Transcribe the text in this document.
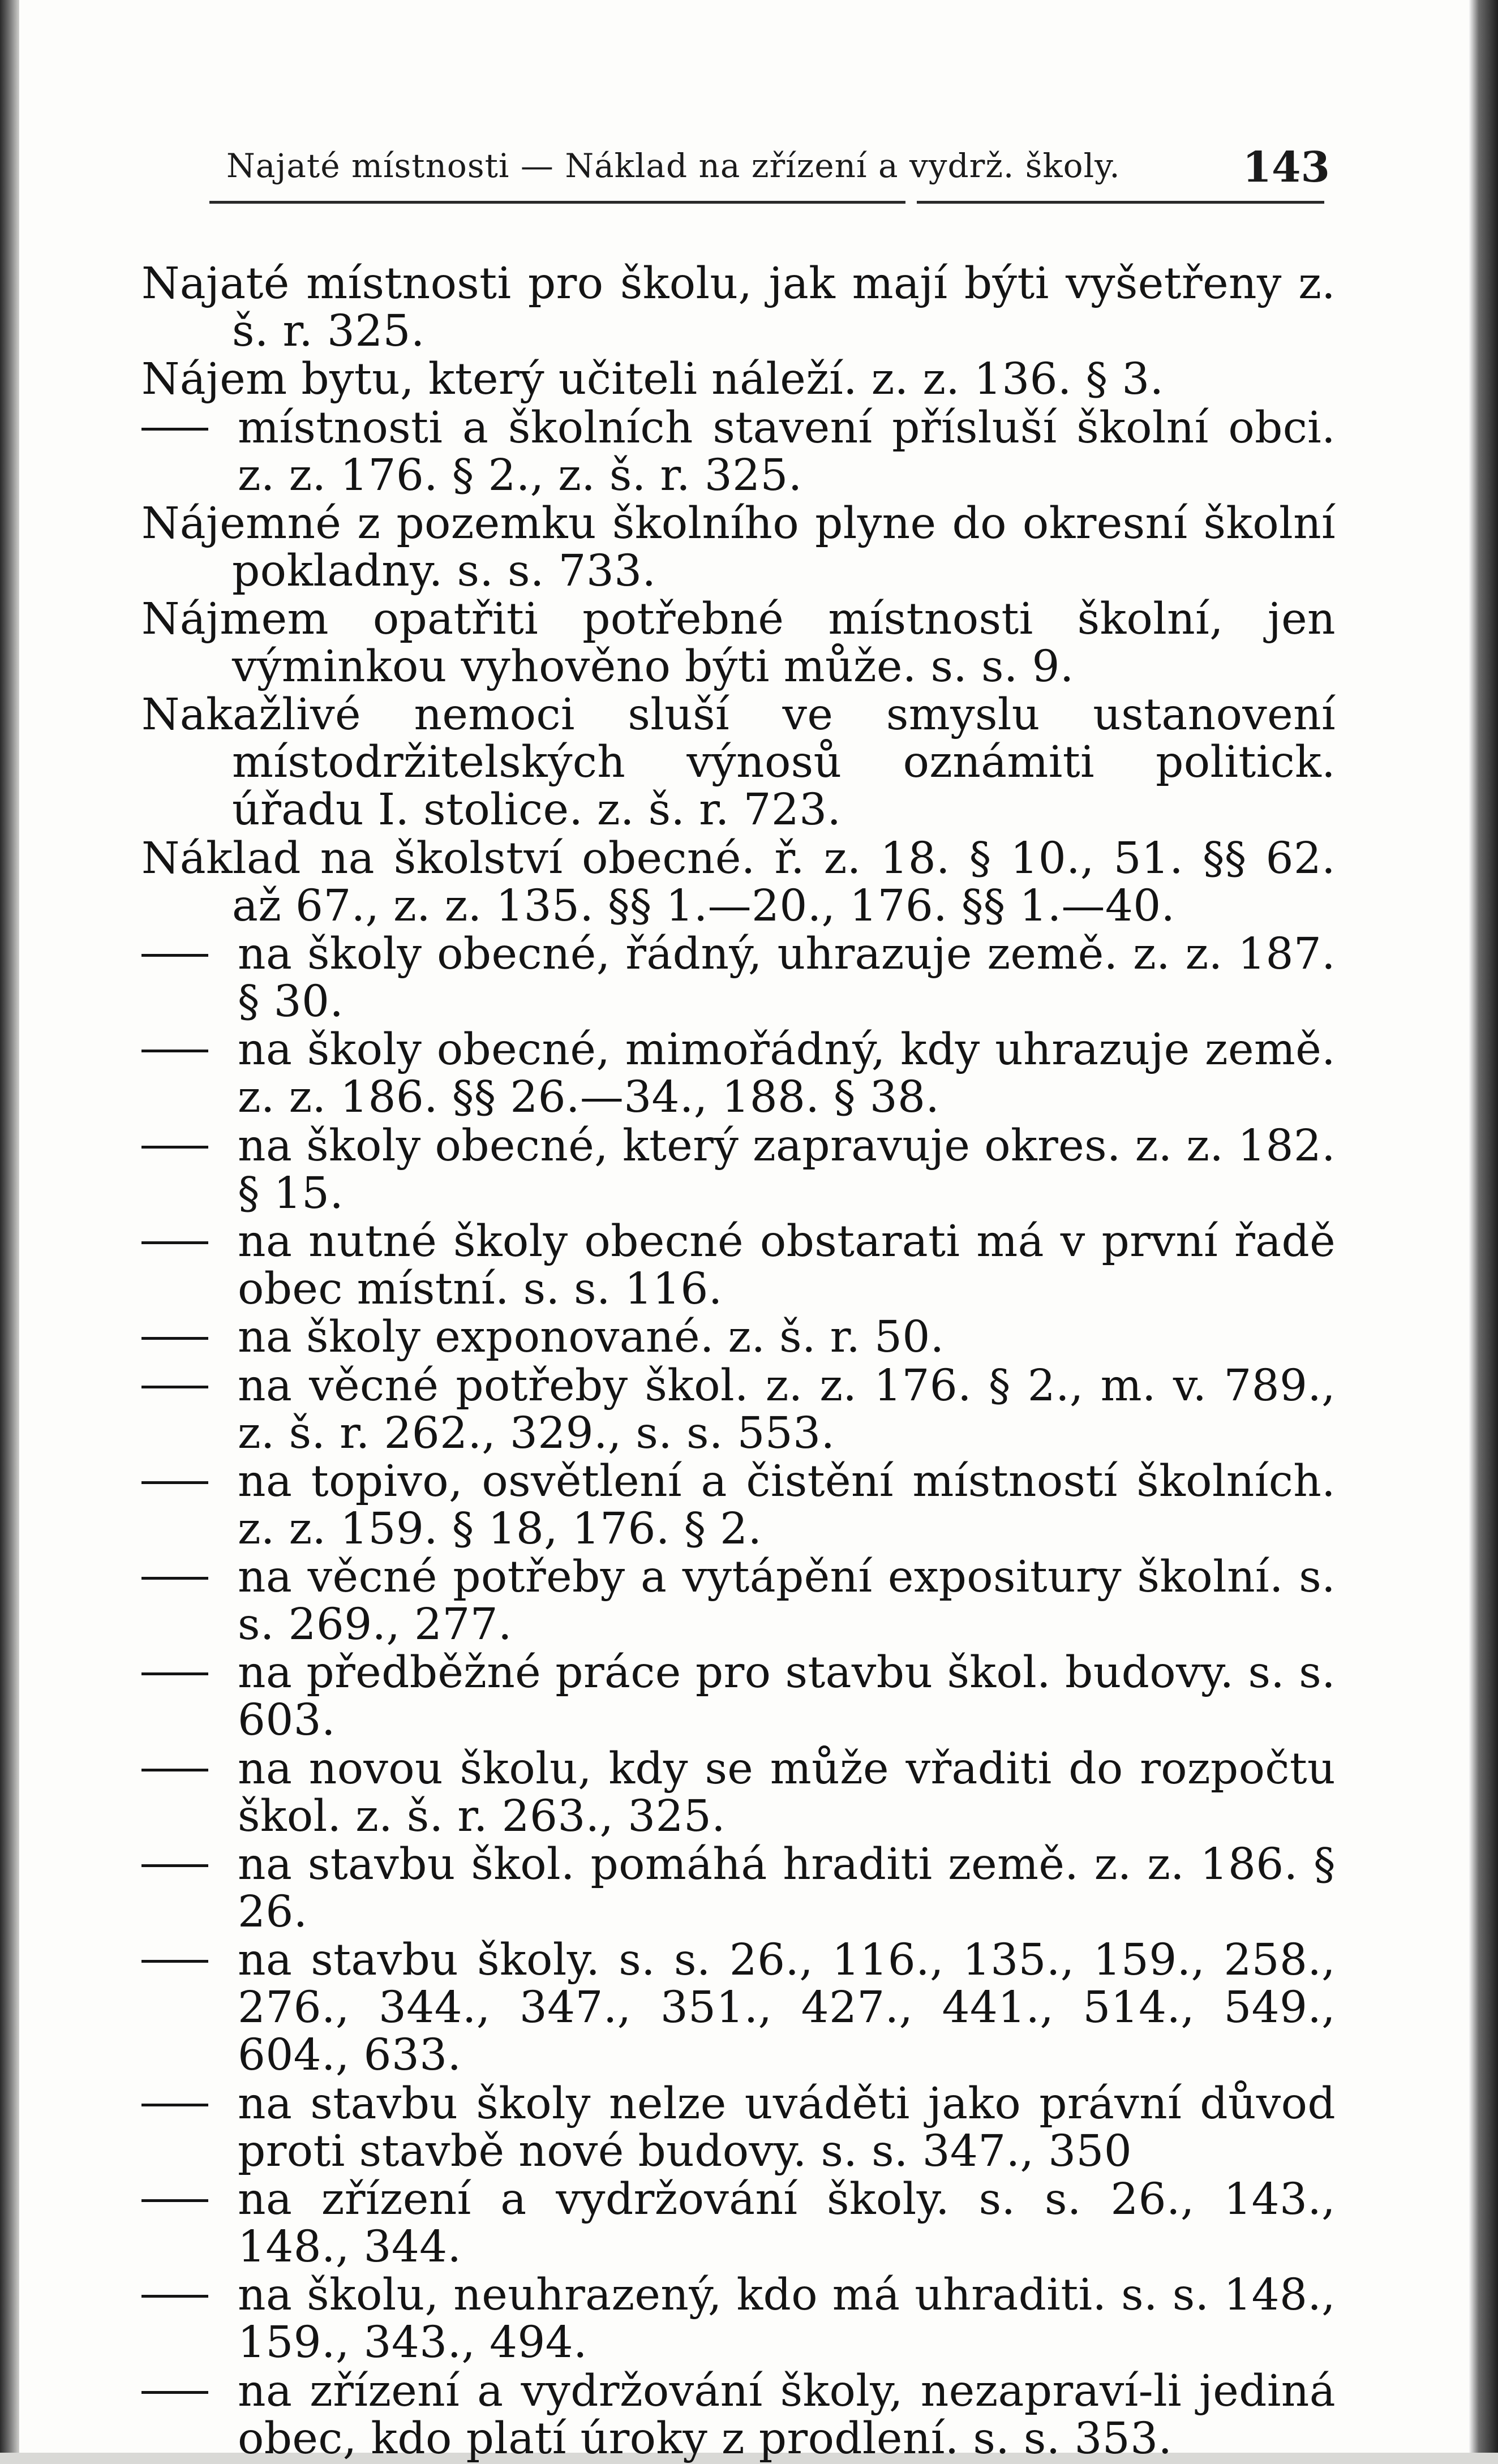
Najaté místnosti — Náklad na zřízení a vydrž. školy.	143
Najaté místnosti pro školu, jak mají býti vyšetřeny z. š. r. 325.
Nájem bytu, který učiteli náleží. z. z. 136. § 3.
místnosti a školních stavení přísluší školní obci. z. z. 176. § 2., z. š. r. 325.
Nájemné z pozemku školního plyne do okresní školní pokladny. s. s. 733.
Nájmem opatřiti potřebné místnosti školní, jen výminkou vyhověno býti může. s. s. 9.
Nakažlivé nemoci sluší ve smyslu ustanovení místodržitelských výnosů oznámiti politick. úřadu I. stolice. z. š. r. 723.
Náklad na školství obecné. ř. z. 18. § 10., 51. §§ 62. až 67., z. z. 135. §§ 1.—20., 176. §§ 1.—40.
na školy obecné, řádný, uhrazuje země. z. z. 187. § 30.
na školy obecné, mimořádný, kdy uhrazuje země. z. z. 186. §§ 26.—34., 188. § 38.
na školy obecné, který zapravuje okres. z. z. 182. § 15.
na nutné školy obecné obstarati má v první řadě obec místní. s. s. 116.
na školy exponované. z. š. r. 50.
na věcné potřeby škol. z. z. 176. § 2., m. v. 789., z. š. r. 262., 329., s. s. 553.
na topivo, osvětlení a čistění místností školních. z. z. 159. § 18, 176. § 2.
na věcné potřeby a vytápění expositury školní. s. s. 269., 277.
na předběžné práce pro stavbu škol. budovy. s. s. 603.
na novou školu, kdy se může vřaditi do rozpočtu škol. z. š. r. 263., 325.
na stavbu škol. pomáhá hraditi země. z. z. 186. § 26.
na stavbu školy. s. s. 26., 116., 135., 159., 258., 276., 344., 347., 351., 427., 441., 514., 549., 604., 633.
na stavbu školy nelze uváděti jako právní důvod proti stavbě nové budovy. s. s. 347., 350
na zřízení a vydržování školy. s. s. 26., 143., 148., 344.
na školu, neuhrazený, kdo má uhraditi. s. s. 148., 159., 343., 494.
na zřízení a vydržování školy, nezapraví-li jediná obec, kdo platí úroky z prodlení. s. s. 353.
